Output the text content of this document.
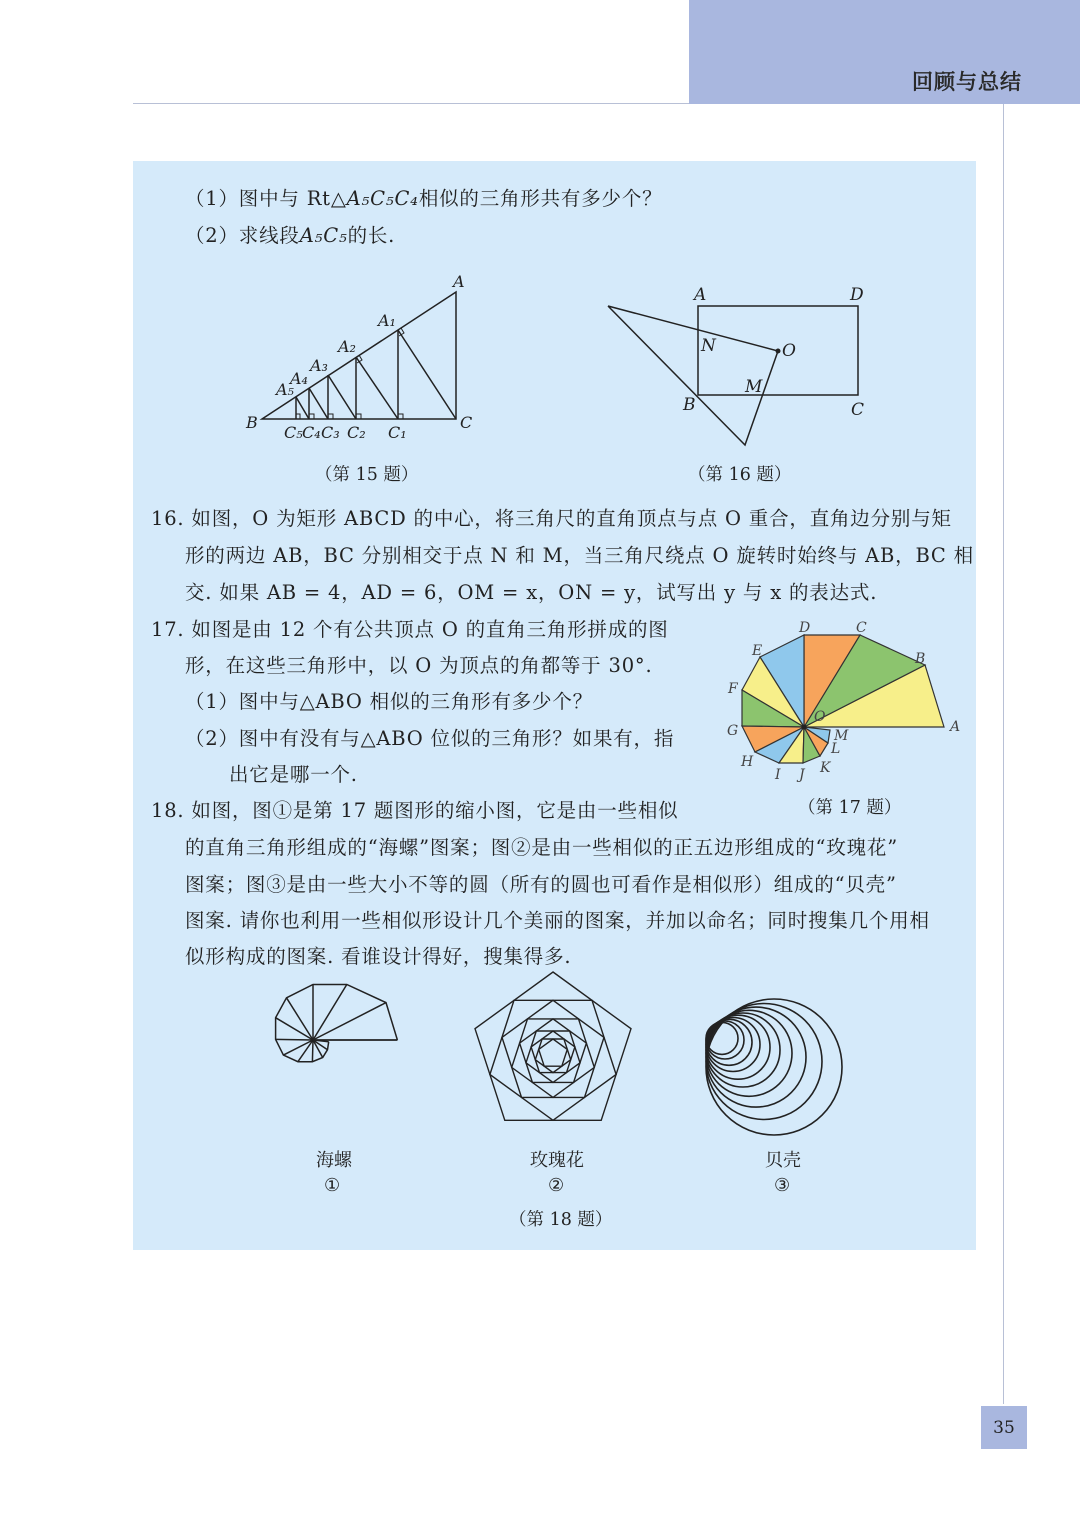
回顾与总结
（1）图中与 Rt△A₅C₅C₄相似的三角形共有多少个？
（2）求线段A₅C₅的长.
A
A₁
A₂
A₃
A₄
A₅
B	C
C₁
C₂
C₃
C₄
C₅
A	D
B	C
N	O
M
（第 15 题）	（第 16 题）
16. 如图，O 为矩形 ABCD 的中心，将三角尺的直角顶点与点 O 重合，直角边分别与矩
形的两边 AB，BC 分别相交于点 N 和 M，当三角尺绕点 O 旋转时始终与 AB，BC 相
交. 如果 AB = 4，AD = 6，OM = x，ON = y，试写出 y 与 x 的表达式.
17. 如图是由 12 个有公共顶点 O 的直角三角形拼成的图
形，在这些三角形中，以 O 为顶点的角都等于 30°.
（1）图中与△ABO 相似的三角形有多少个？
（2）图中有没有与△ABO 位似的三角形？如果有，指
出它是哪一个.
A
B
C
D
E
F
G
H
I J K
L
M
O
（第 17 题）
18. 如图，图①是第 17 题图形的缩小图，它是由一些相似
的直角三角形组成的“海螺”图案；图②是由一些相似的正五边形组成的“玫瑰花”
图案；图③是由一些大小不等的圆（所有的圆也可看作是相似形）组成的“贝壳”
图案. 请你也利用一些相似形设计几个美丽的图案，并加以命名；同时搜集几个用相
似形构成的图案. 看谁设计得好，搜集得多.
海螺
①
玫瑰花
②
贝壳
③
（第 18 题）
35
